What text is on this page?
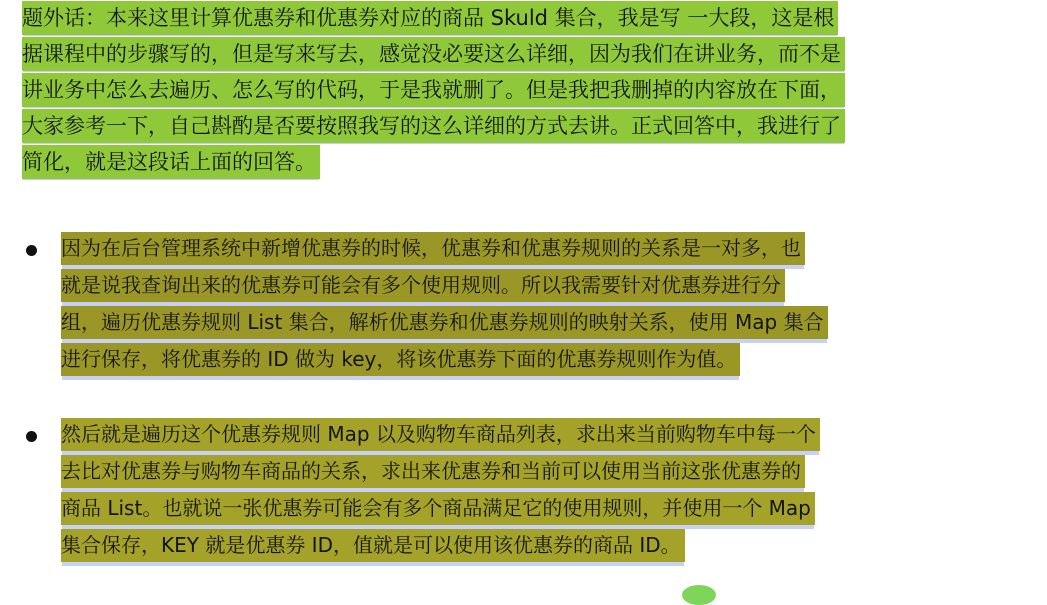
题外话：本来这里计算优惠券和优惠券对应的商品 Skuld 集合，我是写 一大段，这是根
据课程中的步骤写的，但是写来写去，感觉没必要这么详细，因为我们在讲业务，而不是
讲业务中怎么去遍历、怎么写的代码，于是我就删了。但是我把我删掉的内容放在下面，
大家参考一下，自己斟酌是否要按照我写的这么详细的方式去讲。正式回答中，我进行了
简化，就是这段话上面的回答。
因为在后台管理系统中新增优惠券的时候，优惠券和优惠券规则的关系是一对多，也
就是说我查询出来的优惠券可能会有多个使用规则。所以我需要针对优惠券进行分
组，遍历优惠券规则 List 集合，解析优惠券和优惠券规则的映射关系，使用 Map 集合
进行保存，将优惠券的 ID 做为 key，将该优惠券下面的优惠券规则作为值。
然后就是遍历这个优惠券规则 Map 以及购物车商品列表，求出来当前购物车中每一个
去比对优惠券与购物车商品的关系，求出来优惠券和当前可以使用当前这张优惠券的
商品 List。也就说一张优惠券可能会有多个商品满足它的使用规则，并使用一个 Map
集合保存，KEY 就是优惠券 ID，值就是可以使用该优惠券的商品 ID。
